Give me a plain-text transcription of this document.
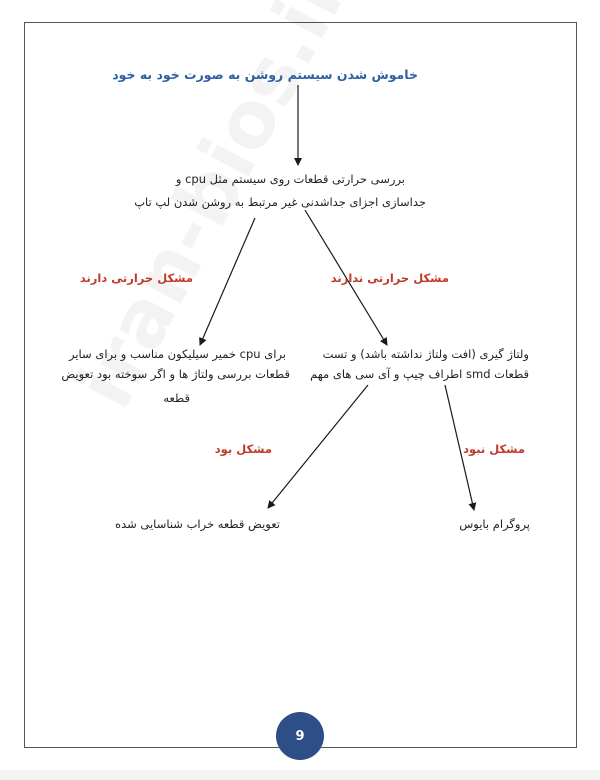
خاموش شدن سیستم روشن به صورت خود به خود
بررسی حرارتی قطعات روی سیستم مثل cpu و
جداسازی اجزای جداشدنی غیر مرتبط به روشن شدن لپ تاپ
مشکل حرارتی دارند	مشکل حرارتی ندارند
برای cpu خمیر سیلیکون مناسب و برای سایر
قطعات بررسی ولتاژ ها و اگر سوخته بود تعویض
قطعه
ولتاژ گیری (افت ولتاژ نداشته باشد) و تست
قطعات smd اطراف چیپ و آی سی های مهم
مشکل بود	مشکل نبود
تعویض قطعه خراب شناسایی شده	پروگرام بایوس
9
